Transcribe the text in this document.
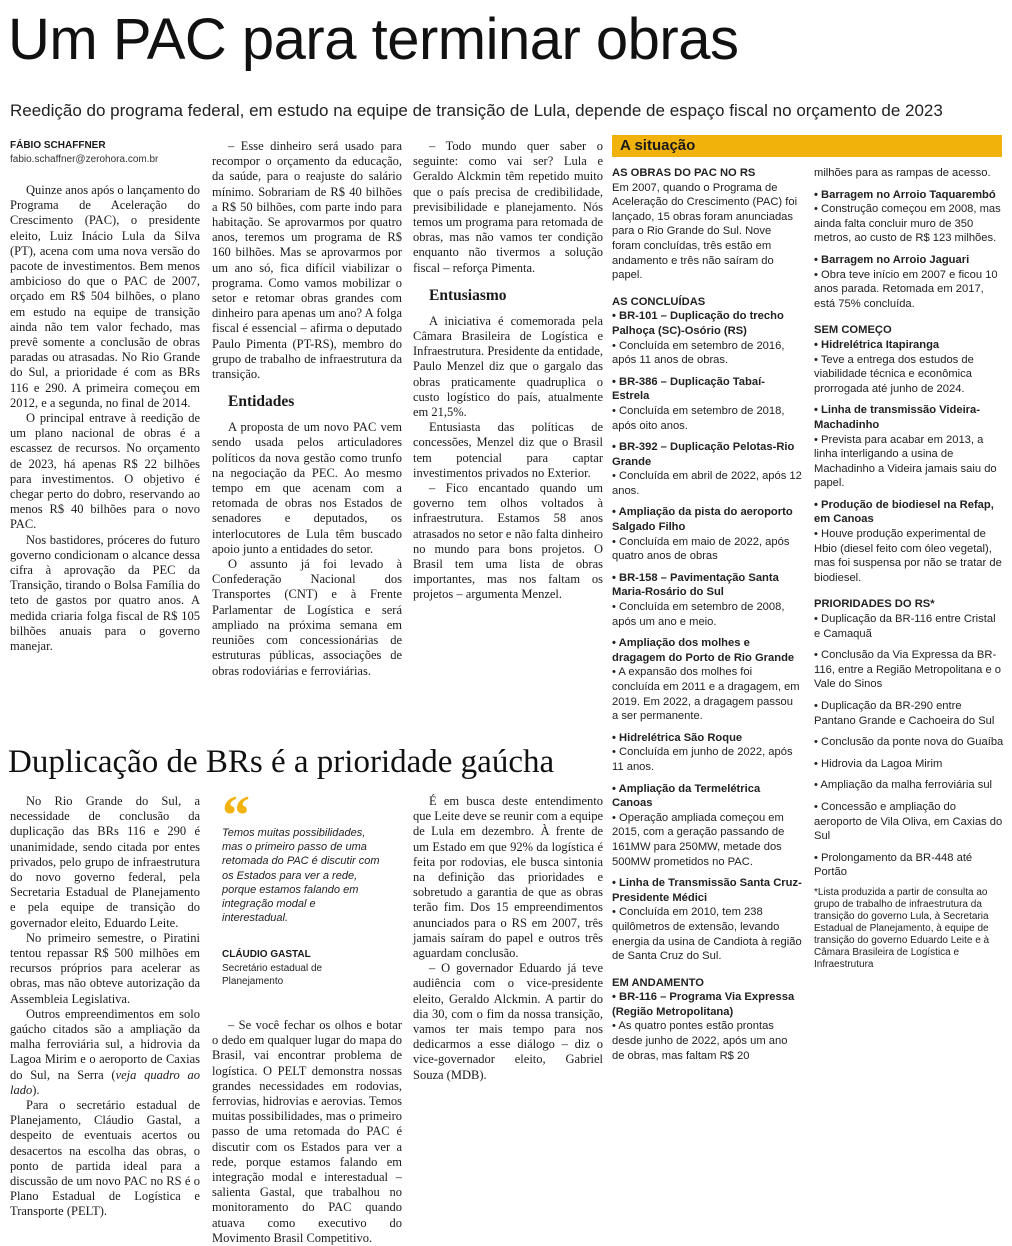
Um PAC para terminar obras
Reedição do programa federal, em estudo na equipe de transição de Lula, depende de espaço fiscal no orçamento de 2023
FÁBIO SCHAFFNER
fabio.schaffner@zerohora.com.br

Quinze anos após o lançamento do Programa de Aceleração do Crescimento (PAC), o presidente eleito, Luiz Inácio Lula da Silva (PT), acena com uma nova versão do pacote de investimentos. Bem menos ambicioso do que o PAC de 2007, orçado em R$ 504 bilhões, o plano em estudo na equipe de transição ainda não tem valor fechado, mas prevê somente a conclusão de obras paradas ou atrasadas. No Rio Grande do Sul, a prioridade é com as BRs 116 e 290. A primeira começou em 2012, e a segunda, no final de 2014.

O principal entrave à reedição de um plano nacional de obras é a escassez de recursos. No orçamento de 2023, há apenas R$ 22 bilhões para investimentos. O objetivo é chegar perto do dobro, reservando ao menos R$ 40 bilhões para o novo PAC.

Nos bastidores, próceres do futuro governo condicionam o alcance dessa cifra à aprovação da PEC da Transição, tirando o Bolsa Família do teto de gastos por quatro anos. A medida criaria folga fiscal de R$ 105 bilhões anuais para o governo manejar.

– Esse dinheiro será usado para recompor o orçamento da educação, da saúde, para o reajuste do salário mínimo. Sobrariam de R$ 40 bilhões a R$ 50 bilhões, com parte indo para habitação. Se aprovarmos por quatro anos, teremos um programa de R$ 160 bilhões. Mas se aprovarmos por um ano só, fica difícil viabilizar o programa. Como vamos mobilizar o setor e retomar obras grandes com dinheiro para apenas um ano? A folga fiscal é essencial – afirma o deputado Paulo Pimenta (PT-RS), membro do grupo de trabalho de infraestrutura da transição.

Entidades

A proposta de um novo PAC vem sendo usada pelos articuladores políticos da nova gestão como trunfo na negociação da PEC. Ao mesmo tempo em que acenam com a retomada de obras nos Estados de senadores e deputados, os interlocutores de Lula têm buscado apoio junto a entidades do setor.

O assunto já foi levado à Confederação Nacional dos Transportes (CNT) e à Frente Parlamentar de Logística e será ampliado na próxima semana em reuniões com concessionárias de estruturas públicas, associações de obras rodoviárias e ferroviárias.

– Todo mundo quer saber o seguinte: como vai ser? Lula e Geraldo Alckmin têm repetido muito que o país precisa de credibilidade, previsibilidade e planejamento. Nós temos um programa para retomada de obras, mas não vamos ter condição enquanto não tivermos a solução fiscal – reforça Pimenta.

Entusiasmo

A iniciativa é comemorada pela Câmara Brasileira de Logística e Infraestrutura. Presidente da entidade, Paulo Menzel diz que o gargalo das obras praticamente quadruplica o custo logístico do país, atualmente em 21,5%.

Entusiasta das políticas de concessões, Menzel diz que o Brasil tem potencial para captar investimentos privados no Exterior.

– Fico encantado quando um governo tem olhos voltados à infraestrutura. Estamos 58 anos atrasados no setor e não falta dinheiro no mundo para bons projetos. O Brasil tem uma lista de obras importantes, mas nos faltam os projetos – argumenta Menzel.

Duplicação de BRs é a prioridade gaúcha

No Rio Grande do Sul, a necessidade de conclusão da duplicação das BRs 116 e 290 é unanimidade, sendo citada por entes privados, pelo grupo de infraestrutura do novo governo federal, pela Secretaria Estadual de Planejamento e pela equipe de transição do governador eleito, Eduardo Leite.

No primeiro semestre, o Piratini tentou repassar R$ 500 milhões em recursos próprios para acelerar as obras, mas não obteve autorização da Assembleia Legislativa.

Outros empreendimentos em solo gaúcho citados são a ampliação da malha ferroviária sul, a hidrovia da Lagoa Mirim e o aeroporto de Caxias do Sul, na Serra (veja quadro ao lado).

Para o secretário estadual de Planejamento, Cláudio Gastal, a despeito de eventuais acertos ou desacertos na escolha das obras, o ponto de partida ideal para a discussão de um novo PAC no RS é o Plano Estadual de Logística e Transporte (PELT).

“
Temos muitas possibilidades, mas o primeiro passo de uma retomada do PAC é discutir com os Estados para ver a rede, porque estamos falando em integração modal e interestadual.
CLÁUDIO GASTAL
Secretário estadual de Planejamento

– Se você fechar os olhos e botar o dedo em qualquer lugar do mapa do Brasil, vai encontrar problema de logística. O PELT demonstra nossas grandes necessidades em rodovias, ferrovias, hidrovias e aerovias. Temos muitas possibilidades, mas o primeiro passo de uma retomada do PAC é discutir com os Estados para ver a rede, porque estamos falando em integração modal e interestadual – salienta Gastal, que trabalhou no monitoramento do PAC quando atuava como executivo do Movimento Brasil Competitivo.

É em busca deste entendimento que Leite deve se reunir com a equipe de Lula em dezembro. À frente de um Estado em que 92% da logística é feita por rodovias, ele busca sintonia na definição das prioridades e sobretudo a garantia de que as obras terão fim. Dos 15 empreendimentos anunciados para o RS em 2007, três jamais saíram do papel e outros três aguardam conclusão.

– O governador Eduardo já teve audiência com o vice-presidente eleito, Geraldo Alckmin. A partir do dia 30, com o fim da nossa transição, vamos ter mais tempo para nos dedicarmos a esse diálogo – diz o vice-governador eleito, Gabriel Souza (MDB).

A situação
AS OBRAS DO PAC NO RS
Em 2007, quando o Programa de Aceleração do Crescimento (PAC) foi lançado, 15 obras foram anunciadas para o Rio Grande do Sul. Nove foram concluídas, três estão em andamento e três não saíram do papel.
AS CONCLUÍDAS
• BR-101 – Duplicação do trecho Palhoça (SC)-Osório (RS)
• Concluída em setembro de 2016, após 11 anos de obras.
• BR-386 – Duplicação Tabaí-Estrela
• Concluída em setembro de 2018, após oito anos.
• BR-392 – Duplicação Pelotas-Rio Grande
• Concluída em abril de 2022, após 12 anos.
• Ampliação da pista do aeroporto Salgado Filho
• Concluída em maio de 2022, após quatro anos de obras
• BR-158 – Pavimentação Santa Maria-Rosário do Sul
• Concluída em setembro de 2008, após um ano e meio.
• Ampliação dos molhes e dragagem do Porto de Rio Grande
• A expansão dos molhes foi concluída em 2011 e a dragagem, em 2019. Em 2022, a dragagem passou a ser permanente.
• Hidrelétrica São Roque
• Concluída em junho de 2022, após 11 anos.
• Ampliação da Termelétrica Canoas
• Operação ampliada começou em 2015, com a geração passando de 161MW para 250MW, metade dos 500MW prometidos no PAC.
• Linha de Transmissão Santa Cruz-Presidente Médici
• Concluída em 2010, tem 238 quilômetros de extensão, levando energia da usina de Candiota à região de Santa Cruz do Sul.
EM ANDAMENTO
• BR-116 – Programa Via Expressa (Região Metropolitana)
• As quatro pontes estão prontas desde junho de 2022, após um ano de obras, mas faltam R$ 20
milhões para as rampas de acesso.
• Barragem no Arroio Taquarembó
• Construção começou em 2008, mas ainda falta concluir muro de 350 metros, ao custo de R$ 123 milhões.
• Barragem no Arroio Jaguari
• Obra teve início em 2007 e ficou 10 anos parada. Retomada em 2017, está 75% concluída.
SEM COMEÇO
• Hidrelétrica Itapiranga
• Teve a entrega dos estudos de viabilidade técnica e econômica prorrogada até junho de 2024.
• Linha de transmissão Videira-Machadinho
• Prevista para acabar em 2013, a linha interligando a usina de Machadinho a Videira jamais saiu do papel.
• Produção de biodiesel na Refap, em Canoas
• Houve produção experimental de Hbio (diesel feito com óleo vegetal), mas foi suspensa por não se tratar de biodiesel.
PRIORIDADES DO RS*
• Duplicação da BR-116 entre Cristal e Camaquã
• Conclusão da Via Expressa da BR-116, entre a Região Metropolitana e o Vale do Sinos
• Duplicação da BR-290 entre Pantano Grande e Cachoeira do Sul
• Conclusão da ponte nova do Guaíba
• Hidrovia da Lagoa Mirim
• Ampliação da malha ferroviária sul
• Concessão e ampliação do aeroporto de Vila Oliva, em Caxias do Sul
• Prolongamento da BR-448 até Portão
*Lista produzida a partir de consulta ao grupo de trabalho de infraestrutura da transição do governo Lula, à Secretaria Estadual de Planejamento, à equipe de transição do governo Eduardo Leite e à Câmara Brasileira de Logística e Infraestrutura
